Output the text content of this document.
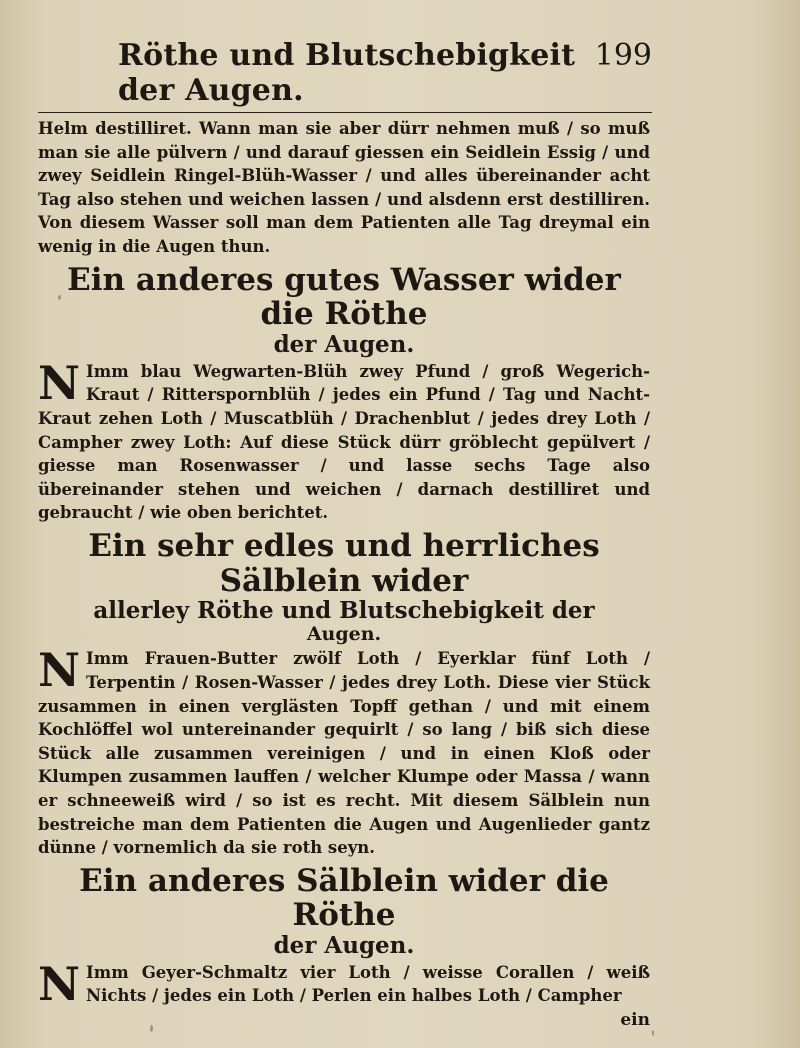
Röthe und Blutschebigkeit der Augen.
199

Helm destilliret. Wann man sie aber dürr nehmen muß / so muß man sie alle pülvern / und darauf giessen ein Seidlein Essig / und zwey Seidlein Ringel-Blüh-Wasser / und alles übereinander acht Tag also stehen und weichen lassen / und alsdenn erst destilliren. Von diesem Wasser soll man dem Patienten alle Tag dreymal ein wenig in die Augen thun.

Ein anderes gutes Wasser wider die Röthe
der Augen.
N Imm blau Wegwarten-Blüh zwey Pfund / groß Wegerich-Kraut / Ritterspornblüh / jedes ein Pfund / Tag und Nacht-Kraut zehen Loth / Muscatblüh / Drachenblut / jedes drey Loth / Campher zwey Loth: Auf diese Stück dürr gröblecht gepülvert / giesse man Rosenwasser / und lasse sechs Tage also übereinander stehen und weichen / darnach destilliret und gebraucht / wie oben berichtet.

Ein sehr edles und herrliches Sälblein wider
allerley Röthe und Blutschebigkeit der
Augen.
N Imm Frauen-Butter zwölf Loth / Eyerklar fünf Loth / Terpentin / Rosen-Wasser / jedes drey Loth. Diese vier Stück zusammen in einen verglästen Topff gethan / und mit einem Kochlöffel wol untereinander gequirlt / so lang / biß sich diese Stück alle zusammen vereinigen / und in einen Kloß oder Klumpen zusammen lauffen / welcher Klumpe oder Massa / wann er schneeweiß wird / so ist es recht. Mit diesem Sälblein nun bestreiche man dem Patienten die Augen und Augenlieder gantz dünne / vornemlich da sie roth seyn.

Ein anderes Sälblein wider die Röthe
der Augen.
N Imm Geyer-Schmaltz vier Loth / weisse Corallen / weiß Nichts / jedes ein Loth / Perlen ein halbes Loth / Campher

ein
